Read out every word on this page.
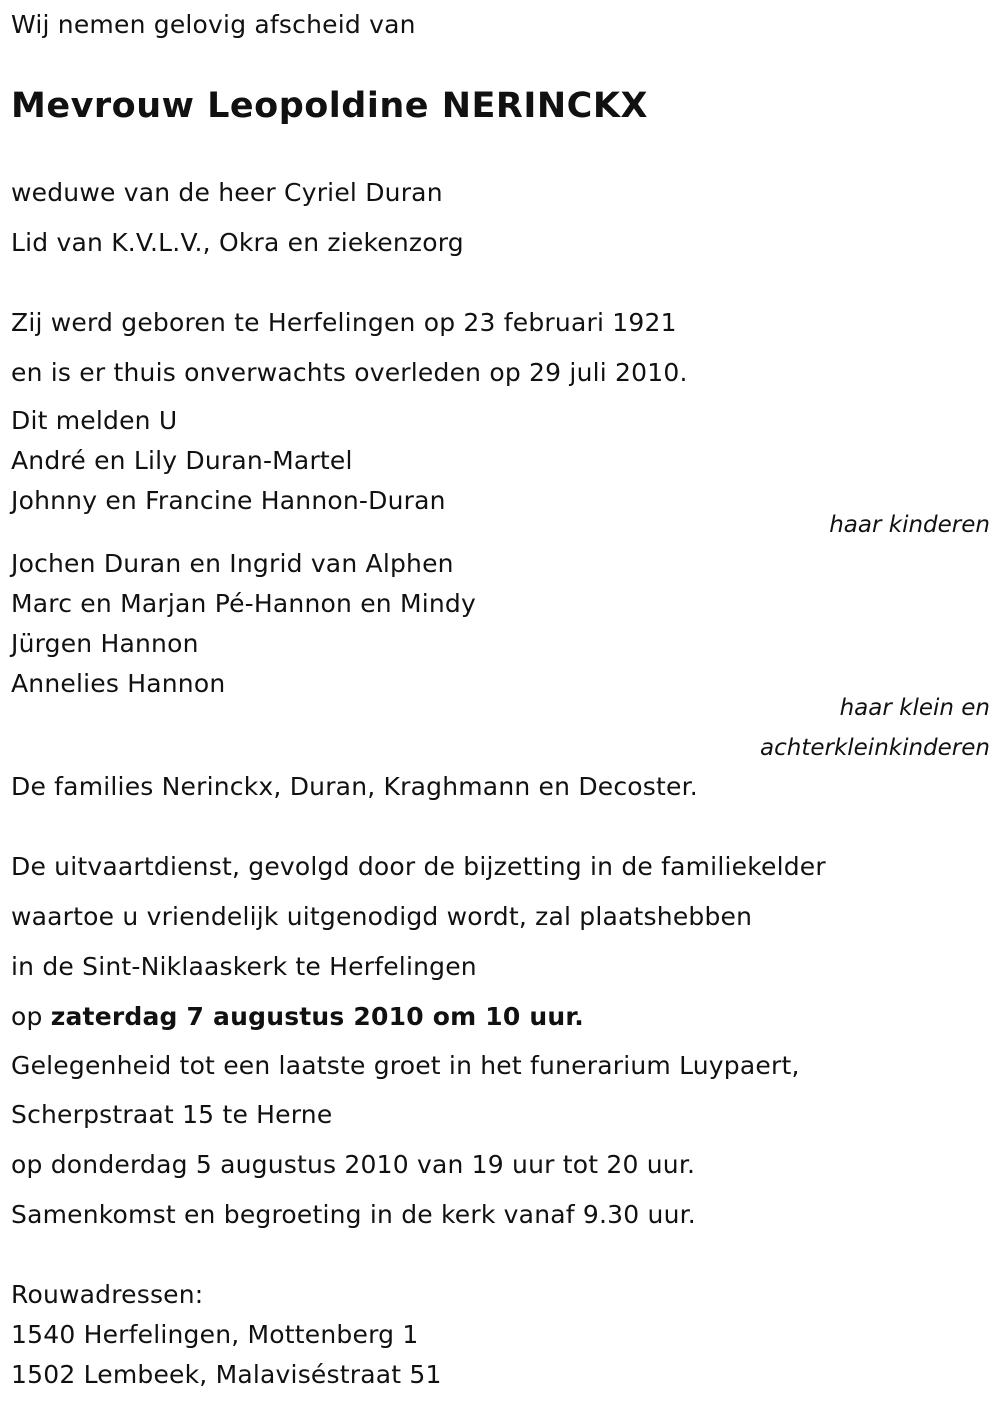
Wij nemen gelovig afscheid van
Mevrouw Leopoldine NERINCKX
weduwe van de heer Cyriel Duran
Lid van K.V.L.V., Okra en ziekenzorg
Zij werd geboren te Herfelingen op 23 februari 1921
en is er thuis onverwachts overleden op 29 juli 2010.
Dit melden U
André en Lily Duran-Martel
Johnny en Francine Hannon-Duran
haar kinderen
Jochen Duran en Ingrid van Alphen
Marc en Marjan Pé-Hannon en Mindy
Jürgen Hannon
Annelies Hannon
haar klein en
achterkleinkinderen
De families Nerinckx, Duran, Kraghmann en Decoster.
De uitvaartdienst, gevolgd door de bijzetting in de familiekelder
waartoe u vriendelijk uitgenodigd wordt, zal plaatshebben
in de Sint-Niklaaskerk te Herfelingen
op zaterdag 7 augustus 2010 om 10 uur.
Gelegenheid tot een laatste groet in het funerarium Luypaert,
Scherpstraat 15 te Herne
op donderdag 5 augustus 2010 van 19 uur tot 20 uur.
Samenkomst en begroeting in de kerk vanaf 9.30 uur.
Rouwadressen:
1540 Herfelingen, Mottenberg 1
1502 Lembeek, Malaviséstraat 51
